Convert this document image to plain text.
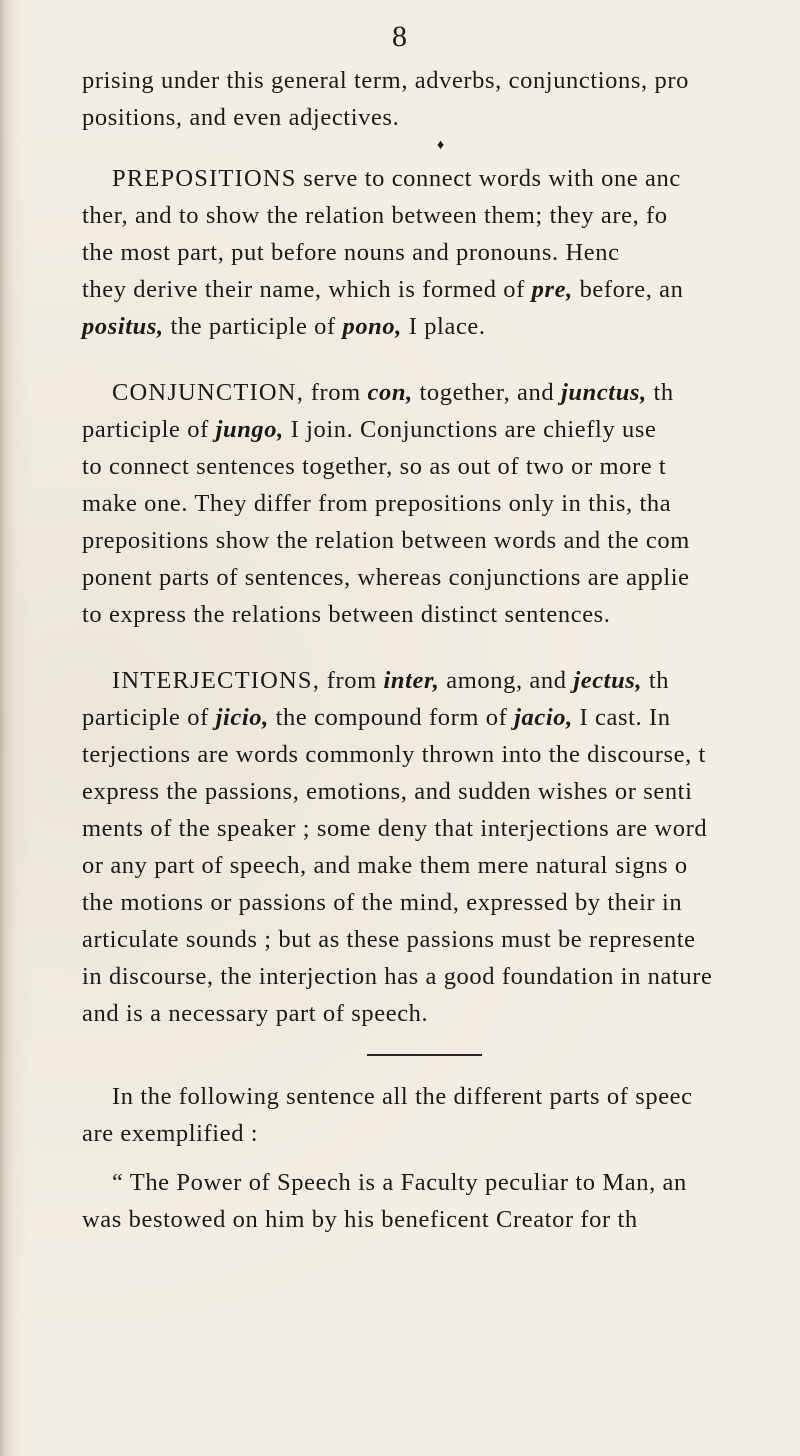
8
prising under this general term, adverbs, conjunctions, pro
positions, and even adjectives.
♦
PREPOSITIONS serve to connect words with one anc
ther, and to show the relation between them; they are, fo
the most part, put before nouns and pronouns. Henc
they derive their name, which is formed of pre, before, an
positus, the participle of pono, I place.
CONJUNCTION, from con, together, and junctus, th
participle of jungo, I join. Conjunctions are chiefly use
to connect sentences together, so as out of two or more t
make one. They differ from prepositions only in this, tha
prepositions show the relation between words and the com
ponent parts of sentences, whereas conjunctions are applie
to express the relations between distinct sentences.
INTERJECTIONS, from inter, among, and jectus, th
participle of jicio, the compound form of jacio, I cast. In
terjections are words commonly thrown into the discourse, t
express the passions, emotions, and sudden wishes or senti
ments of the speaker ; some deny that interjections are word
or any part of speech, and make them mere natural signs o
the motions or passions of the mind, expressed by their in
articulate sounds ; but as these passions must be represente
in discourse, the interjection has a good foundation in nature
and is a necessary part of speech.
In the following sentence all the different parts of speec
are exemplified :
“ The Power of Speech is a Faculty peculiar to Man, an
was bestowed on him by his beneficent Creator for th
